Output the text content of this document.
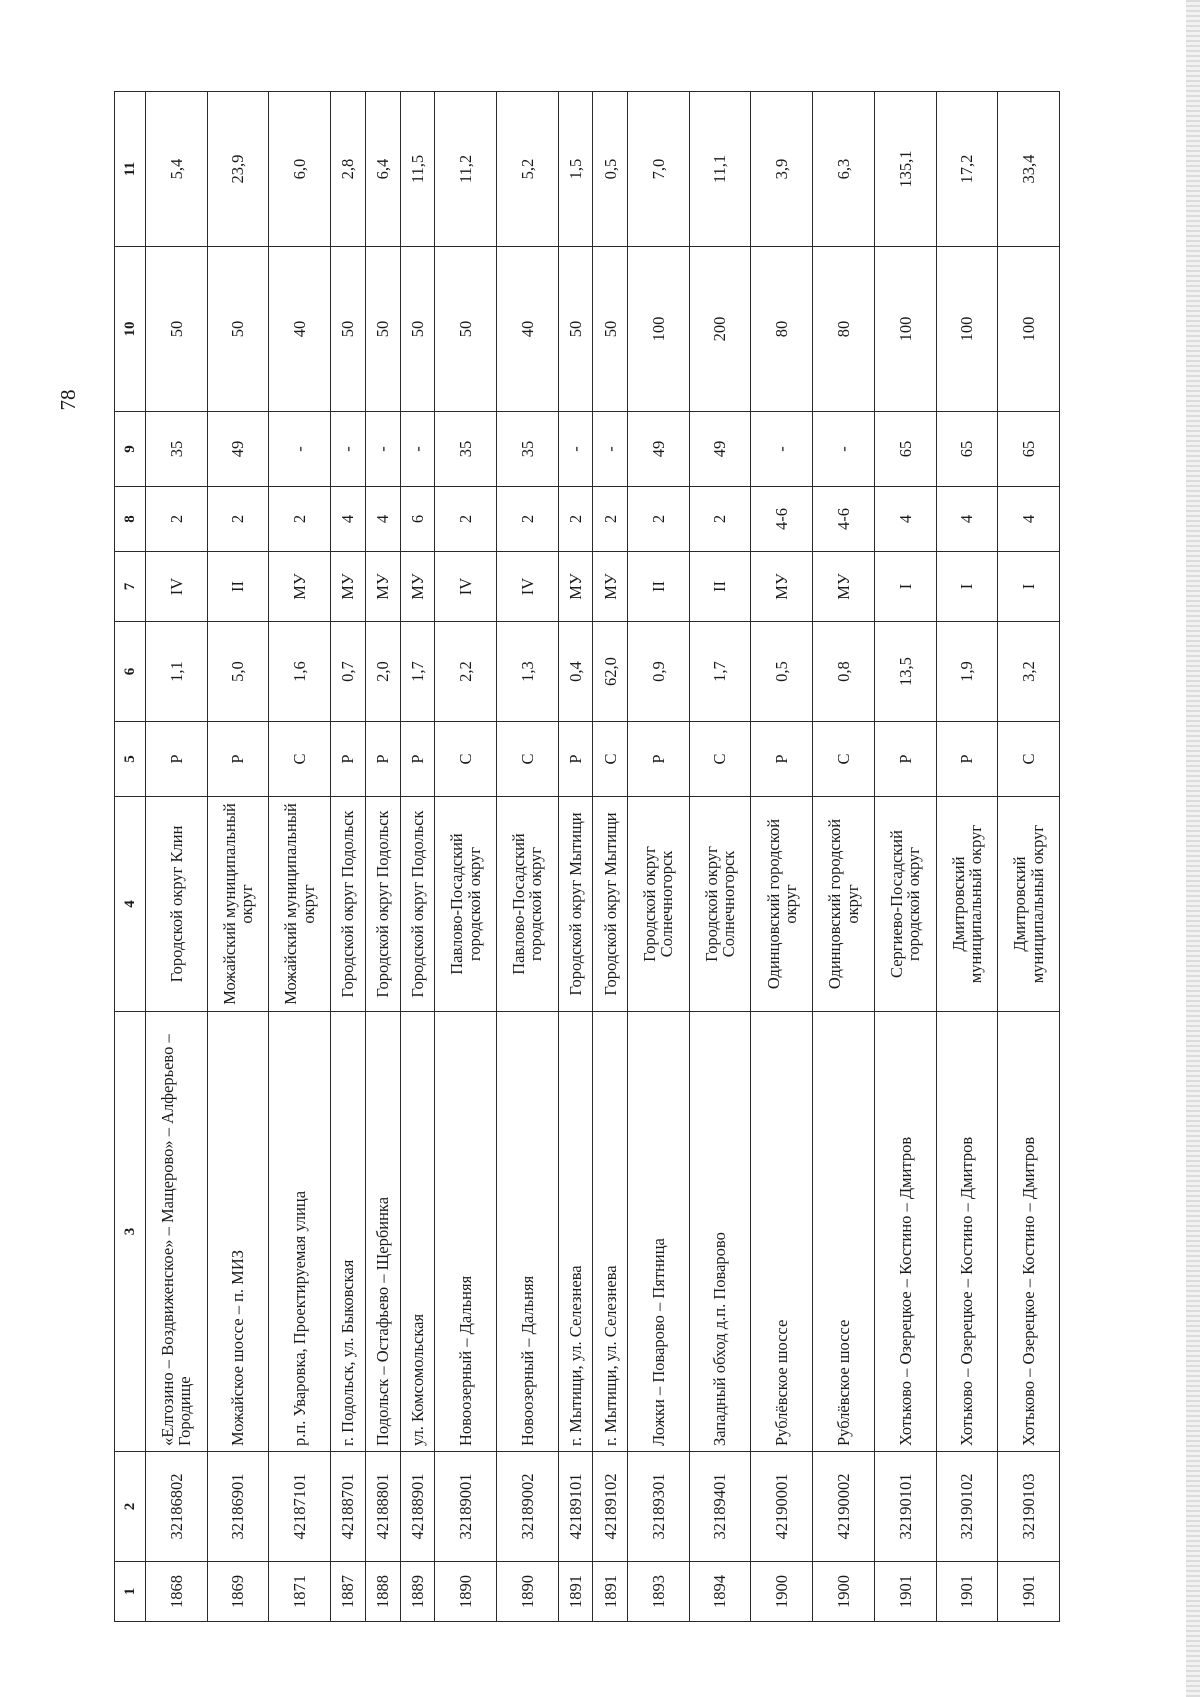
78
1	2	3	4	5	6	7	8	9	10	11
1868	32186802	«Елгозино – Воздвиженское» – Мащерово» – Алферьево – Городище	Городской округ Клин	Р	1,1	IV	2	35	50	5,4
1869	32186901	Можайское шоссе – п. МИЗ	Можайский муниципальный округ	Р	5,0	II	2	49	50	23,9
1871	42187101	р.п. Уваровка, Проектируемая улица	Можайский муниципальный округ	С	1,6	МУ	2	-	40	6,0
1887	42188701	г. Подольск, ул. Быковская	Городской округ Подольск	Р	0,7	МУ	4	-	50	2,8
1888	42188801	Подольск – Остафьево – Щербинка	Городской округ Подольск	Р	2,0	МУ	4	-	50	6,4
1889	42188901	ул. Комсомольская	Городской округ Подольск	Р	1,7	МУ	6	-	50	11,5
1890	32189001	Новоозерный – Дальняя	Павлово-Посадский городской округ	С	2,2	IV	2	35	50	11,2
1890	32189002	Новоозерный – Дальняя	Павлово-Посадский городской округ	С	1,3	IV	2	35	40	5,2
1891	42189101	г. Мытищи, ул. Селезнева	Городской округ Мытищи	Р	0,4	МУ	2	-	50	1,5
1891	42189102	г. Мытищи, ул. Селезнева	Городской округ Мытищи	С	62,0	МУ	2	-	50	0,5
1893	32189301	Ложки – Поварово – Пятница	Городской округ Солнечногорск	Р	0,9	II	2	49	100	7,0
1894	32189401	Западный обход д.п. Поварово	Городской округ Солнечногорск	С	1,7	II	2	49	200	11,1
1900	42190001	Рублёвское шоссе	Одинцовский городской округ	Р	0,5	МУ	4-6	-	80	3,9
1900	42190002	Рублёвское шоссе	Одинцовский городской округ	С	0,8	МУ	4-6	-	80	6,3
1901	32190101	Хотьково – Озерецкое – Костино – Дмитров	Сергиево-Посадский городской округ	Р	13,5	I	4	65	100	135,1
1901	32190102	Хотьково – Озерецкое – Костино – Дмитров	Дмитровский муниципальный округ	Р	1,9	I	4	65	100	17,2
1901	32190103	Хотьково – Озерецкое – Костино – Дмитров	Дмитровский муниципальный округ	С	3,2	I	4	65	100	33,4
